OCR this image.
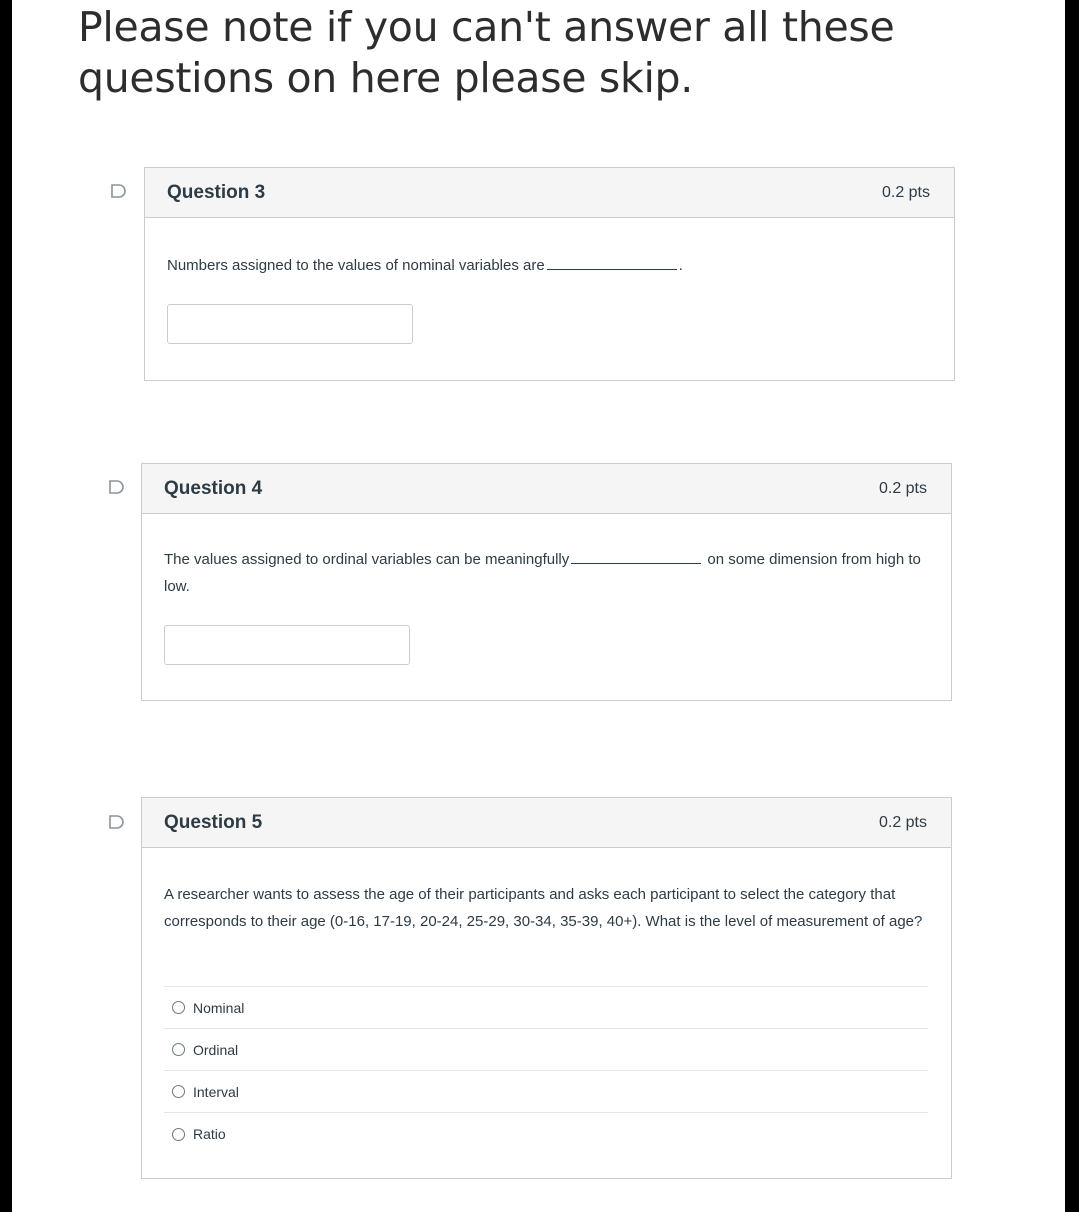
Please note if you can't answer all these questions on here please skip.
Question 3	0.2 pts
Numbers assigned to the values of nominal variables are	.
Question 4	0.2 pts
The values assigned to ordinal variables can be meaningfully	on some dimension from high to low.
Question 5	0.2 pts
A researcher wants to assess the age of their participants and asks each participant to select the category that corresponds to their age (0-16, 17-19, 20-24, 25-29, 30-34, 35-39, 40+). What is the level of measurement of age?
Nominal
Ordinal
Interval
Ratio
